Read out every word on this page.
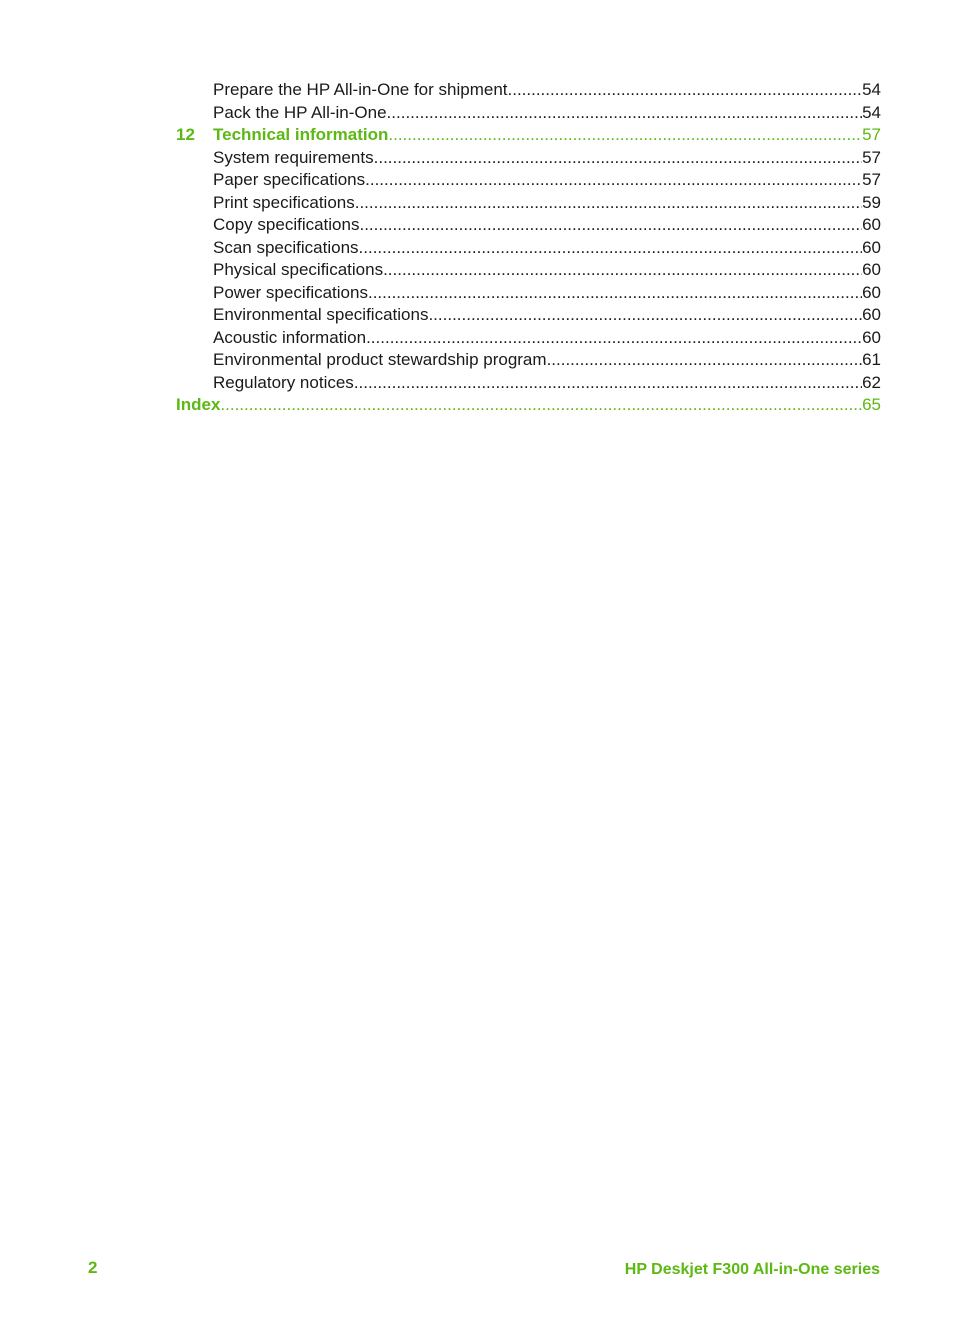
Prepare the HP All-in-One for shipment .....	54
Pack the HP All-in-One .....	54
12	Technical information .....	57
System requirements .....	57
Paper specifications .....	57
Print specifications .....	59
Copy specifications .....	60
Scan specifications .....	60
Physical specifications .....	60
Power specifications .....	60
Environmental specifications .....	60
Acoustic information .....	60
Environmental product stewardship program .....	61
Regulatory notices .....	62
Index .....	65
2	HP Deskjet F300 All-in-One series
